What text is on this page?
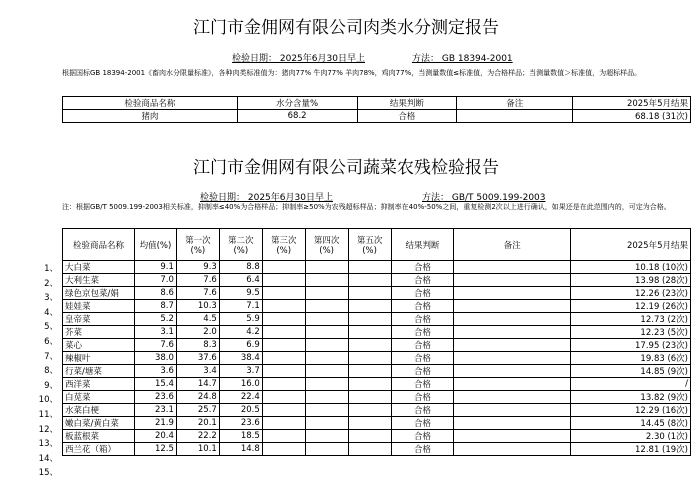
江门市金佣网有限公司肉类水分测定报告
检验日期： 2025年6月30日早上	方法： GB 18394-2001
根据国标GB 18394-2001《畜肉水分限量标准》，各种肉类标准值为：猪肉77% 牛肉77% 羊肉78%，鸡肉77%，当测量数值≤标准值，为合格样品；当测量数值＞标准值，为超标样品。
检验商品名称	水分含量%	结果判断	备注	2025年5月结果
猪肉	68.2	合格		68.18 (31次)
江门市金佣网有限公司蔬菜农残检验报告
检验日期： 2025年6月30日早上	方法： GB/T 5009.199-2003
注：根据GB/T 5009.199-2003相关标准，抑制率≤40%为合格样品；抑制率≥50%为农残超标样品；抑制率在40%-50%之间，重复检测2次以上进行确认，如果还是在此范围内的，可定为合格。
1、
2、
3、
4、
5、
6、
7、
8、
9、
10、
11、
12、
13、
14、
15、
检验商品名称	均值(%)	第一次(%)	第二次(%)	第三次(%)	第四次(%)	第五次(%)	结果判断	备注	2025年5月结果
大白菜	9.1	9.3	8.8				合格		10.18 (10次)
大利生菜	7.0	7.6	6.4				合格		13.98 (28次)
绿色京包菜/娟	8.6	7.6	9.5				合格		12.26 (23次)
娃娃菜	8.7	10.3	7.1				合格		12.19 (26次)
皇帝菜	5.2	4.5	5.9				合格		12.73 (2次)
芥菜	3.1	2.0	4.2				合格		12.23 (5次)
菜心	7.6	8.3	6.9				合格		17.95 (23次)
辣椒叶	38.0	37.6	38.4				合格		19.83 (6次)
行菜/塘菜	3.6	3.4	3.7				合格		14.85 (9次)
西洋菜	15.4	14.7	16.0				合格		/
白苋菜	23.6	24.8	22.4				合格		13.82 (9次)
水菜白梗	23.1	25.7	20.5				合格		12.29 (16次)
嫩白菜/黄白菜	21.9	20.1	23.6				合格		14.45 (8次)
板蓝根菜	20.4	22.2	18.5				合格		2.30 (1次)
西兰花（箱）	12.5	10.1	14.8				合格		12.81 (19次)
